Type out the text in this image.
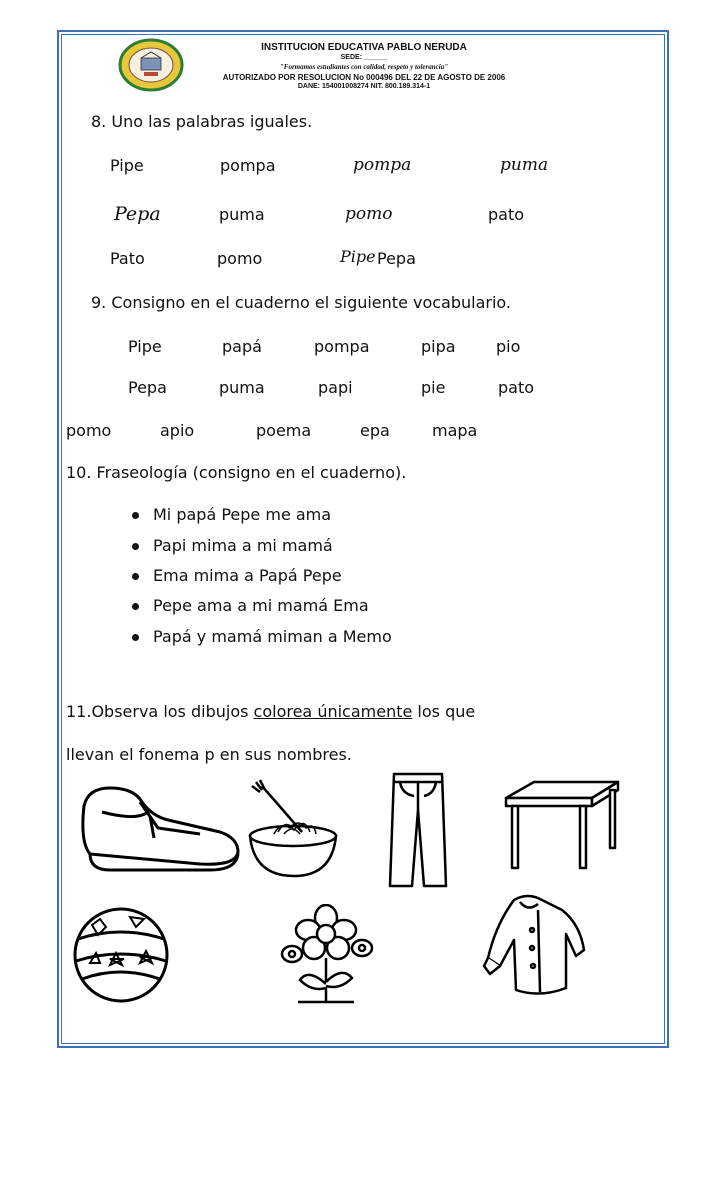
INSTITUCION EDUCATIVA PABLO NERUDA
SEDE: ______
"Formamos estudiantes con calidad, respeto y tolerancia"
AUTORIZADO POR RESOLUCION No 000496 DEL 22 DE AGOSTO DE 2006
DANE: 154001008274 NIT. 800.189.314-1
8. Uno las palabras iguales.
Pipe	pompa	pompa	puma
Pepa	puma	pomo	pato
Pato	pomo	Pipe Pepa
9. Consigno en el cuaderno el siguiente vocabulario.
Pipe	papá	pompa	pipa	pio
Pepa	puma	papi	pie	pato
pomo	apio	poema	epa	mapa
10. Fraseología (consigno en el cuaderno).
Mi papá Pepe me ama
Papi mima a mi mamá
Ema mima a Papá Pepe
Pepe ama a mi mamá Ema
Papá y mamá miman a Memo
11.Observa los dibujos colorea únicamente los que
llevan el fonema p en sus nombres.
